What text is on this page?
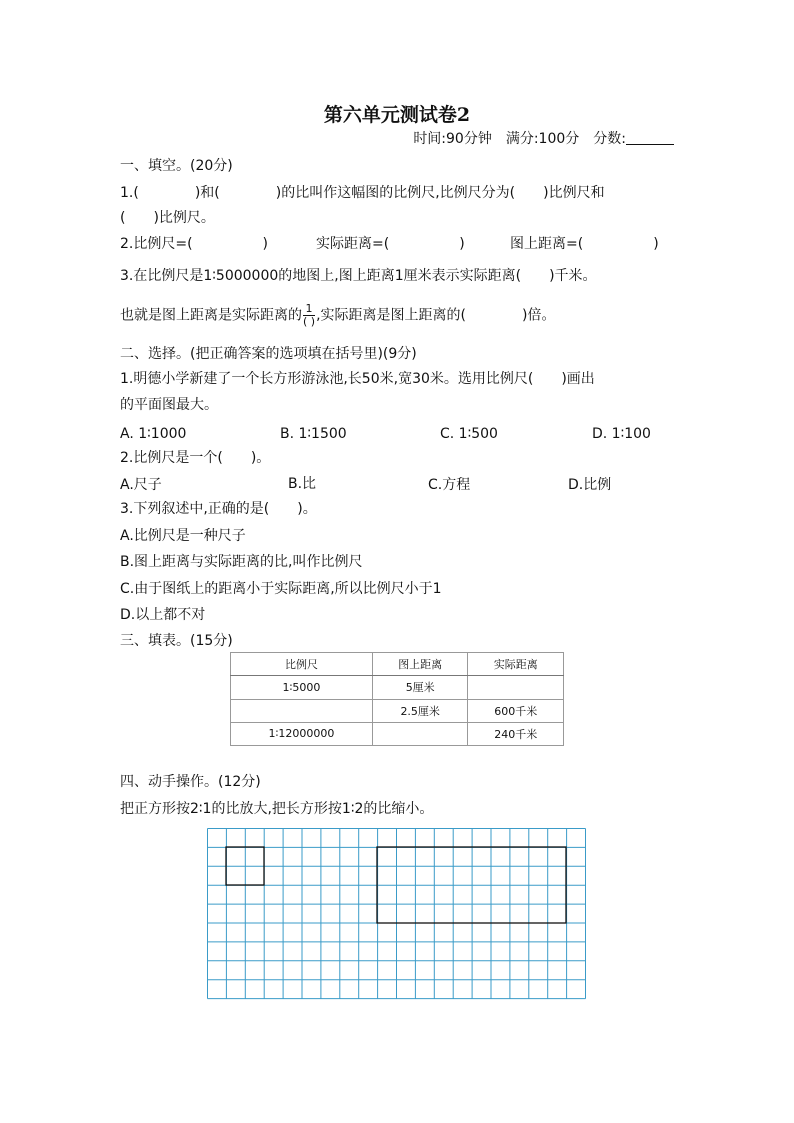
第六单元测试卷2
时间:90分钟　满分:100分　分数:
一、填空。(20分)
1.(　　　　)和(　　　　)的比叫作这幅图的比例尺,比例尺分为(　　)比例尺和
(　　)比例尺。
2.比例尺=(　　　　　)	实际距离=(　　　　　)	图上距离=(　　　　　)
3.在比例尺是1∶5000000的地图上,图上距离1厘米表示实际距离(　　)千米。
也就是图上距离是实际距离的 $\frac{1}{( )}$ ,实际距离是图上距离的(　　　　)倍。
二、选择。(把正确答案的选项填在括号里)(9分)
1.明德小学新建了一个长方形游泳池,长50米,宽30米。选用比例尺(　　)画出
的平面图最大。
A. 1∶1000	B. 1∶1500	C. 1∶500	D. 1∶100
2.比例尺是一个(　　)。
A.尺子	B.比	C.方程	D.比例
3.下列叙述中,正确的是(　　)。
A.比例尺是一种尺子
B.图上距离与实际距离的比,叫作比例尺
C.由于图纸上的距离小于实际距离,所以比例尺小于1
D.以上都不对
三、填表。(15分)
比例尺	图上距离	实际距离
1∶5000	5厘米	
	2.5厘米	600千米
1∶12000000		240千米
四、动手操作。(12分)
把正方形按2∶1的比放大,把长方形按1∶2的比缩小。
